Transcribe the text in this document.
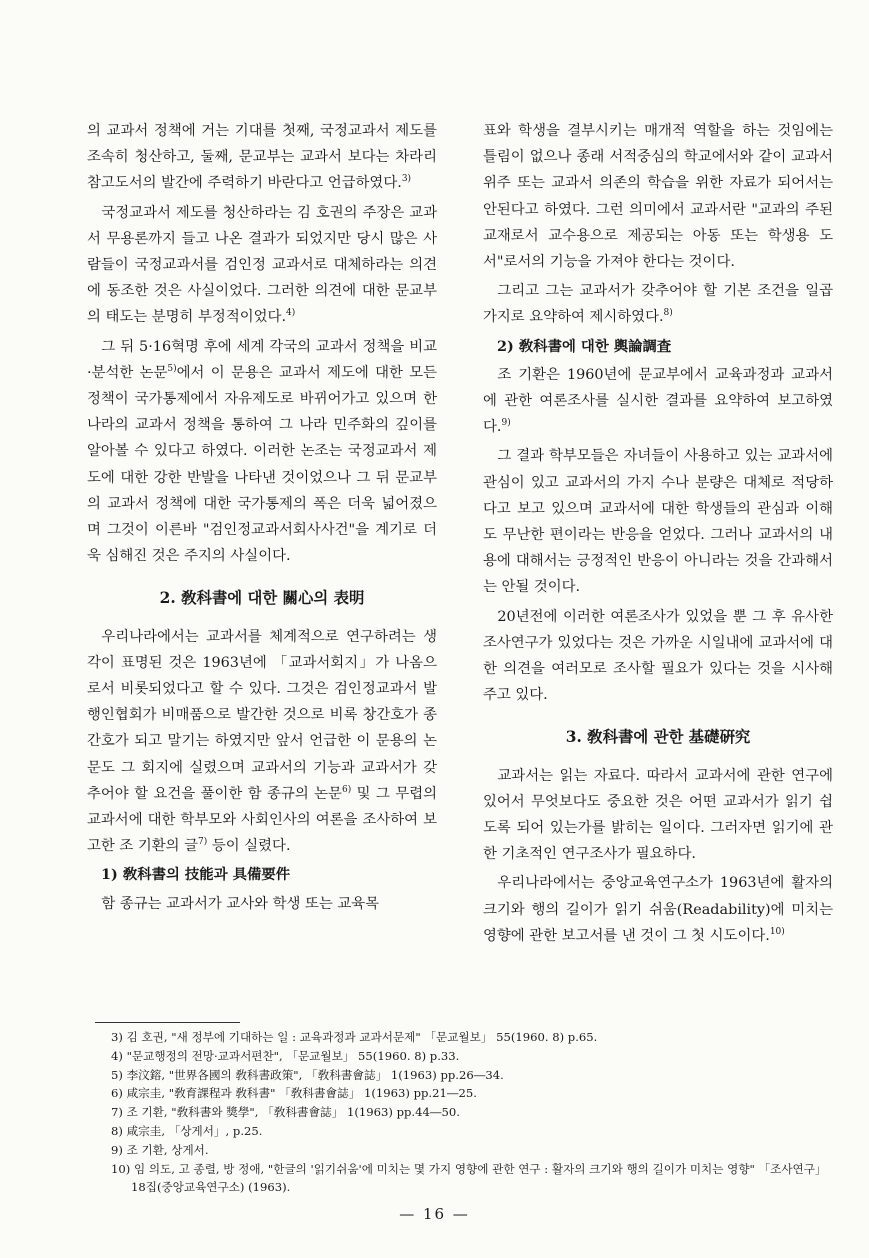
의 교과서 정책에 거는 기대를 첫째, 국정교과서 제도를 조속히 청산하고, 둘째, 문교부는 교과서 보다는 차라리 참고도서의 발간에 주력하기 바란다고 언급하였다.$^{3)}$

국정교과서 제도를 청산하라는 김 호권의 주장은 교과서 무용론까지 들고 나온 결과가 되었지만 당시 많은 사람들이 국정교과서를 검인정 교과서로 대체하라는 의견에 동조한 것은 사실이었다. 그러한 의견에 대한 문교부의 태도는 분명히 부정적이었다.$^{4)}$

그 뒤 5·16혁명 후에 세계 각국의 교과서 정책을 비교·분석한 논문$^{5)}$에서 이 문용은 교과서 제도에 대한 모든 정책이 국가통제에서 자유제도로 바뀌어가고 있으며 한 나라의 교과서 정책을 통하여 그 나라 민주화의 깊이를 알아볼 수 있다고 하였다. 이러한 논조는 국정교과서 제도에 대한 강한 반발을 나타낸 것이었으나 그 뒤 문교부의 교과서 정책에 대한 국가통제의 폭은 더욱 넓어졌으며 그것이 이른바 "검인정교과서회사사건"을 계기로 더욱 심해진 것은 주지의 사실이다.

2. 敎科書에 대한 關心의 表明

우리나라에서는 교과서를 체계적으로 연구하려는 생각이 표명된 것은 1963년에 「교과서회지」가 나옴으로서 비롯되었다고 할 수 있다. 그것은 검인정교과서 발행인협회가 비매품으로 발간한 것으로 비록 창간호가 종간호가 되고 말기는 하였지만 앞서 언급한 이 문용의 논문도 그 회지에 실렸으며 교과서의 기능과 교과서가 갖추어야 할 요건을 풀이한 함 종규의 논문$^{6)}$ 및 그 무렵의 교과서에 대한 학부모와 사회인사의 여론을 조사하여 보고한 조 기환의 글$^{7)}$ 등이 실렸다.

1) 敎科書의 技能과 具備要件

함 종규는 교과서가 교사와 학생 또는 교육목

표와 학생을 결부시키는 매개적 역할을 하는 것임에는 틀림이 없으나 종래 서적중심의 학교에서와 같이 교과서 위주 또는 교과서 의존의 학습을 위한 자료가 되어서는 안된다고 하였다. 그런 의미에서 교과서란 "교과의 주된 교재로서 교수용으로 제공되는 아동 또는 학생용 도서"로서의 기능을 가져야 한다는 것이다.

그리고 그는 교과서가 갖추어야 할 기본 조건을 일곱가지로 요약하여 제시하였다.$^{8)}$

2) 敎科書에 대한 輿論調査

조 기환은 1960년에 문교부에서 교육과정과 교과서에 관한 여론조사를 실시한 결과를 요약하여 보고하였다.$^{9)}$

그 결과 학부모들은 자녀들이 사용하고 있는 교과서에 관심이 있고 교과서의 가지 수나 분량은 대체로 적당하다고 보고 있으며 교과서에 대한 학생들의 관심과 이해도 무난한 편이라는 반응을 얻었다. 그러나 교과서의 내용에 대해서는 긍정적인 반응이 아니라는 것을 간과해서는 안될 것이다.

20년전에 이러한 여론조사가 있었을 뿐 그 후 유사한 조사연구가 있었다는 것은 가까운 시일내에 교과서에 대한 의견을 여러모로 조사할 필요가 있다는 것을 시사해주고 있다.

3. 敎科書에 관한 基礎硏究

교과서는 읽는 자료다. 따라서 교과서에 관한 연구에 있어서 무엇보다도 중요한 것은 어떤 교과서가 읽기 쉽도록 되어 있는가를 밝히는 일이다. 그러자면 읽기에 관한 기초적인 연구조사가 필요하다.

우리나라에서는 중앙교육연구소가 1963년에 활자의 크기와 행의 길이가 읽기 쉬움(Readability)에 미치는 영향에 관한 보고서를 낸 것이 그 첫 시도이다.$^{10)}$

3) 김 호권, "새 정부에 기대하는 일 : 교육과정과 교과서문제" 「문교월보」 55(1960. 8) p.65.

4) "문교행정의 전망·교과서편찬", 「문교월보」 55(1960. 8) p.33.

5) 李汶鎔, "世界各國의 敎科書政策", 「敎科書會誌」 1(1963) pp.26―34.

6) 咸宗圭, "敎育課程과 敎科書" 「敎科書會誌」 1(1963) pp.21―25.

7) 조 기환, "敎科書와 獎學", 「敎科書會誌」 1(1963) pp.44―50.

8) 咸宗圭, 「상게서」, p.25.

9) 조 기환, 상게서.

10) 임 의도, 고 종렬, 방 정애, "한글의 '읽기쉬움'에 미치는 몇 가지 영향에 관한 연구 : 활자의 크기와 행의 길이가 미치는 영향" 「조사연구」 18집(중앙교육연구소) (1963).

— 16 —
